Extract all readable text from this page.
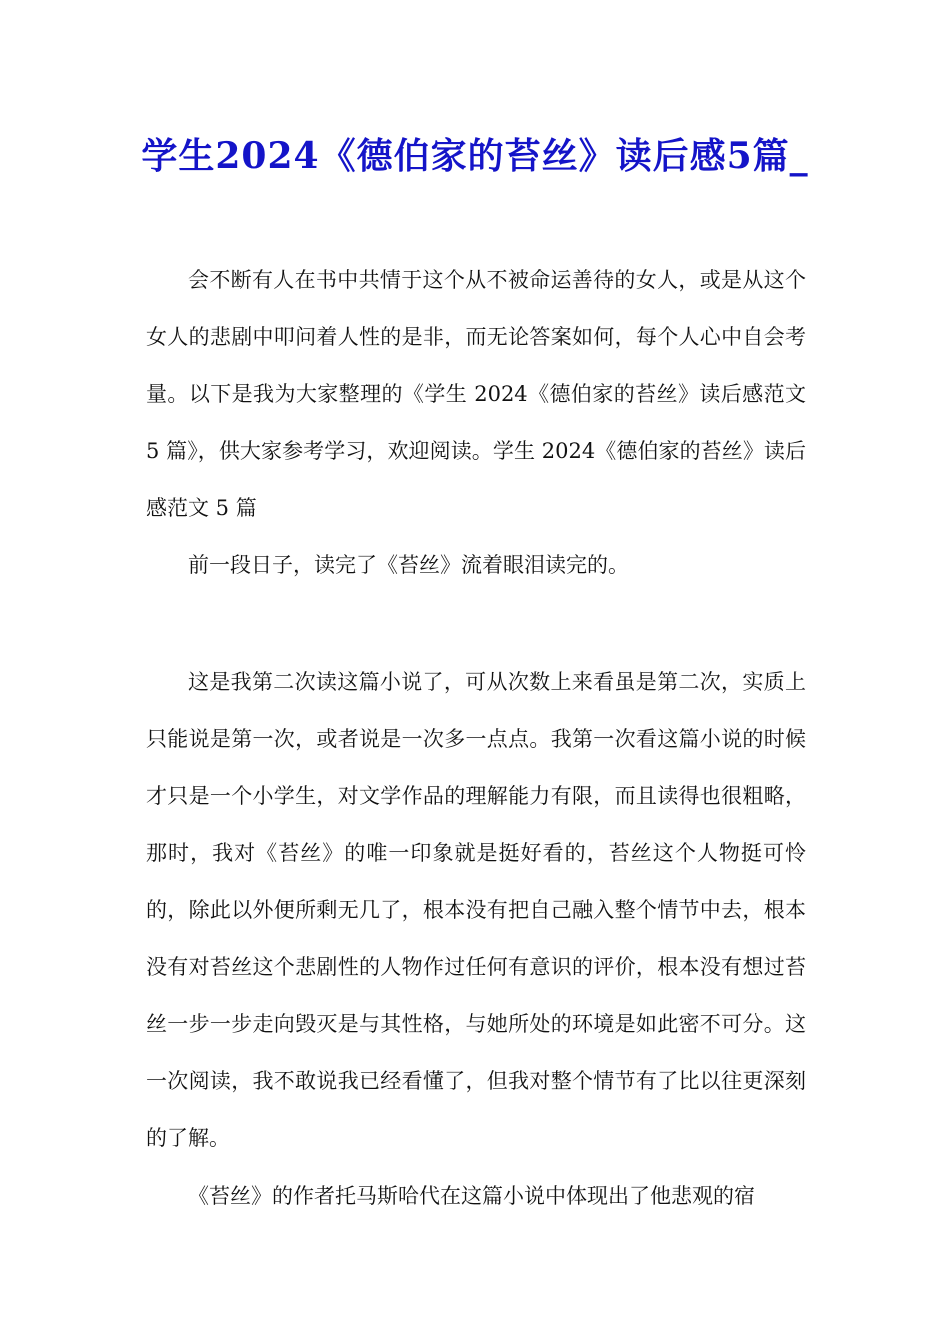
学生2024《德伯家的苔丝》读后感5篇_

会不断有人在书中共情于这个从不被命运善待的女人，或是从这个女人的悲剧中叩问着人性的是非，而无论答案如何，每个人心中自会考量。以下是我为大家整理的《学生 2024《德伯家的苔丝》读后感范文 5 篇》，供大家参考学习，欢迎阅读。学生 2024《德伯家的苔丝》读后感范文 5 篇

前一段日子，读完了《苔丝》流着眼泪读完的。

这是我第二次读这篇小说了，可从次数上来看虽是第二次，实质上只能说是第一次，或者说是一次多一点点。我第一次看这篇小说的时候才只是一个小学生，对文学作品的理解能力有限，而且读得也很粗略，那时，我对《苔丝》的唯一印象就是挺好看的，苔丝这个人物挺可怜的，除此以外便所剩无几了，根本没有把自己融入整个情节中去，根本没有对苔丝这个悲剧性的人物作过任何有意识的评价，根本没有想过苔丝一步一步走向毁灭是与其性格，与她所处的环境是如此密不可分。这一次阅读，我不敢说我已经看懂了，但我对整个情节有了比以往更深刻的了解。

《苔丝》的作者托马斯哈代在这篇小说中体现出了他悲观的宿
